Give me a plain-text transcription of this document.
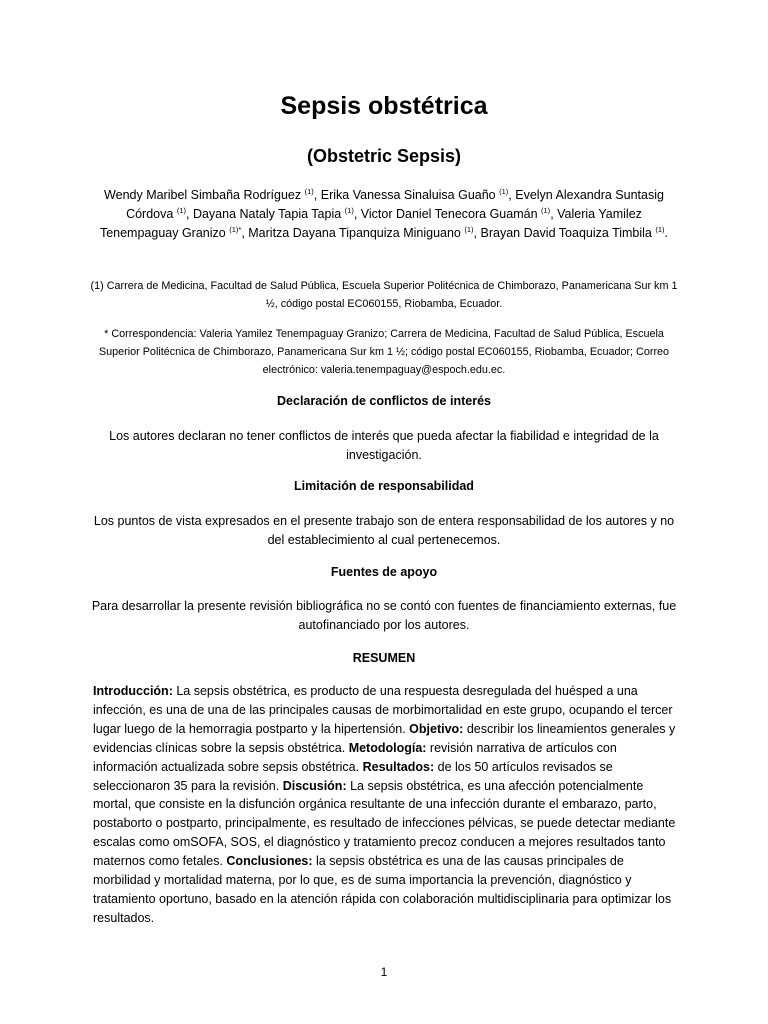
Sepsis obstétrica
(Obstetric Sepsis)
Wendy Maribel Simbaña Rodríguez $^{(1)}$, Erika Vanessa Sinaluisa Guaño $^{(1)}$, Evelyn Alexandra Suntasig Córdova $^{(1)}$, Dayana Nataly Tapia Tapia $^{(1)}$, Victor Daniel Tenecora Guamán $^{(1)}$, Valeria Yamilez Tenempaguay Granizo $^{(1)*}$, Maritza Dayana Tipanquiza Miniguano $^{(1)}$, Brayan David Toaquiza Timbila $^{(1)}$.

(1) Carrera de Medicina, Facultad de Salud Pública, Escuela Superior Politécnica de Chimborazo, Panamericana Sur km 1 ½, código postal EC060155, Riobamba, Ecuador.

* Correspondencia: Valeria Yamilez Tenempaguay Granizo; Carrera de Medicina, Facultad de Salud Pública, Escuela Superior Politécnica de Chimborazo, Panamericana Sur km 1 ½; código postal EC060155, Riobamba, Ecuador; Correo electrónico: valeria.tenempaguay@espoch.edu.ec.

Declaración de conflictos de interés

Los autores declaran no tener conflictos de interés que pueda afectar la fiabilidad e integridad de la investigación.

Limitación de responsabilidad

Los puntos de vista expresados en el presente trabajo son de entera responsabilidad de los autores y no del establecimiento al cual pertenecemos.

Fuentes de apoyo

Para desarrollar la presente revisión bibliográfica no se contó con fuentes de financiamiento externas, fue autofinanciado por los autores.

RESUMEN

Introducción: La sepsis obstétrica, es producto de una respuesta desregulada del huésped a una infección, es una de una de las principales causas de morbimortalidad en este grupo, ocupando el tercer lugar luego de la hemorragia postparto y la hipertensión. Objetivo: describir los lineamientos generales y evidencias clínicas sobre la sepsis obstétrica. Metodología: revisión narrativa de artículos con información actualizada sobre sepsis obstétrica. Resultados: de los 50 artículos revisados se seleccionaron 35 para la revisión. Discusión: La sepsis obstétrica, es una afección potencialmente mortal, que consiste en la disfunción orgánica resultante de una infección durante el embarazo, parto, postaborto o postparto, principalmente, es resultado de infecciones pélvicas, se puede detectar mediante escalas como omSOFA, SOS, el diagnóstico y tratamiento precoz conducen a mejores resultados tanto maternos como fetales. Conclusiones: la sepsis obstétrica es una de las causas principales de morbilidad y mortalidad materna, por lo que, es de suma importancia la prevención, diagnóstico y tratamiento oportuno, basado en la atención rápida con colaboración multidisciplinaria para optimizar los resultados.

1
